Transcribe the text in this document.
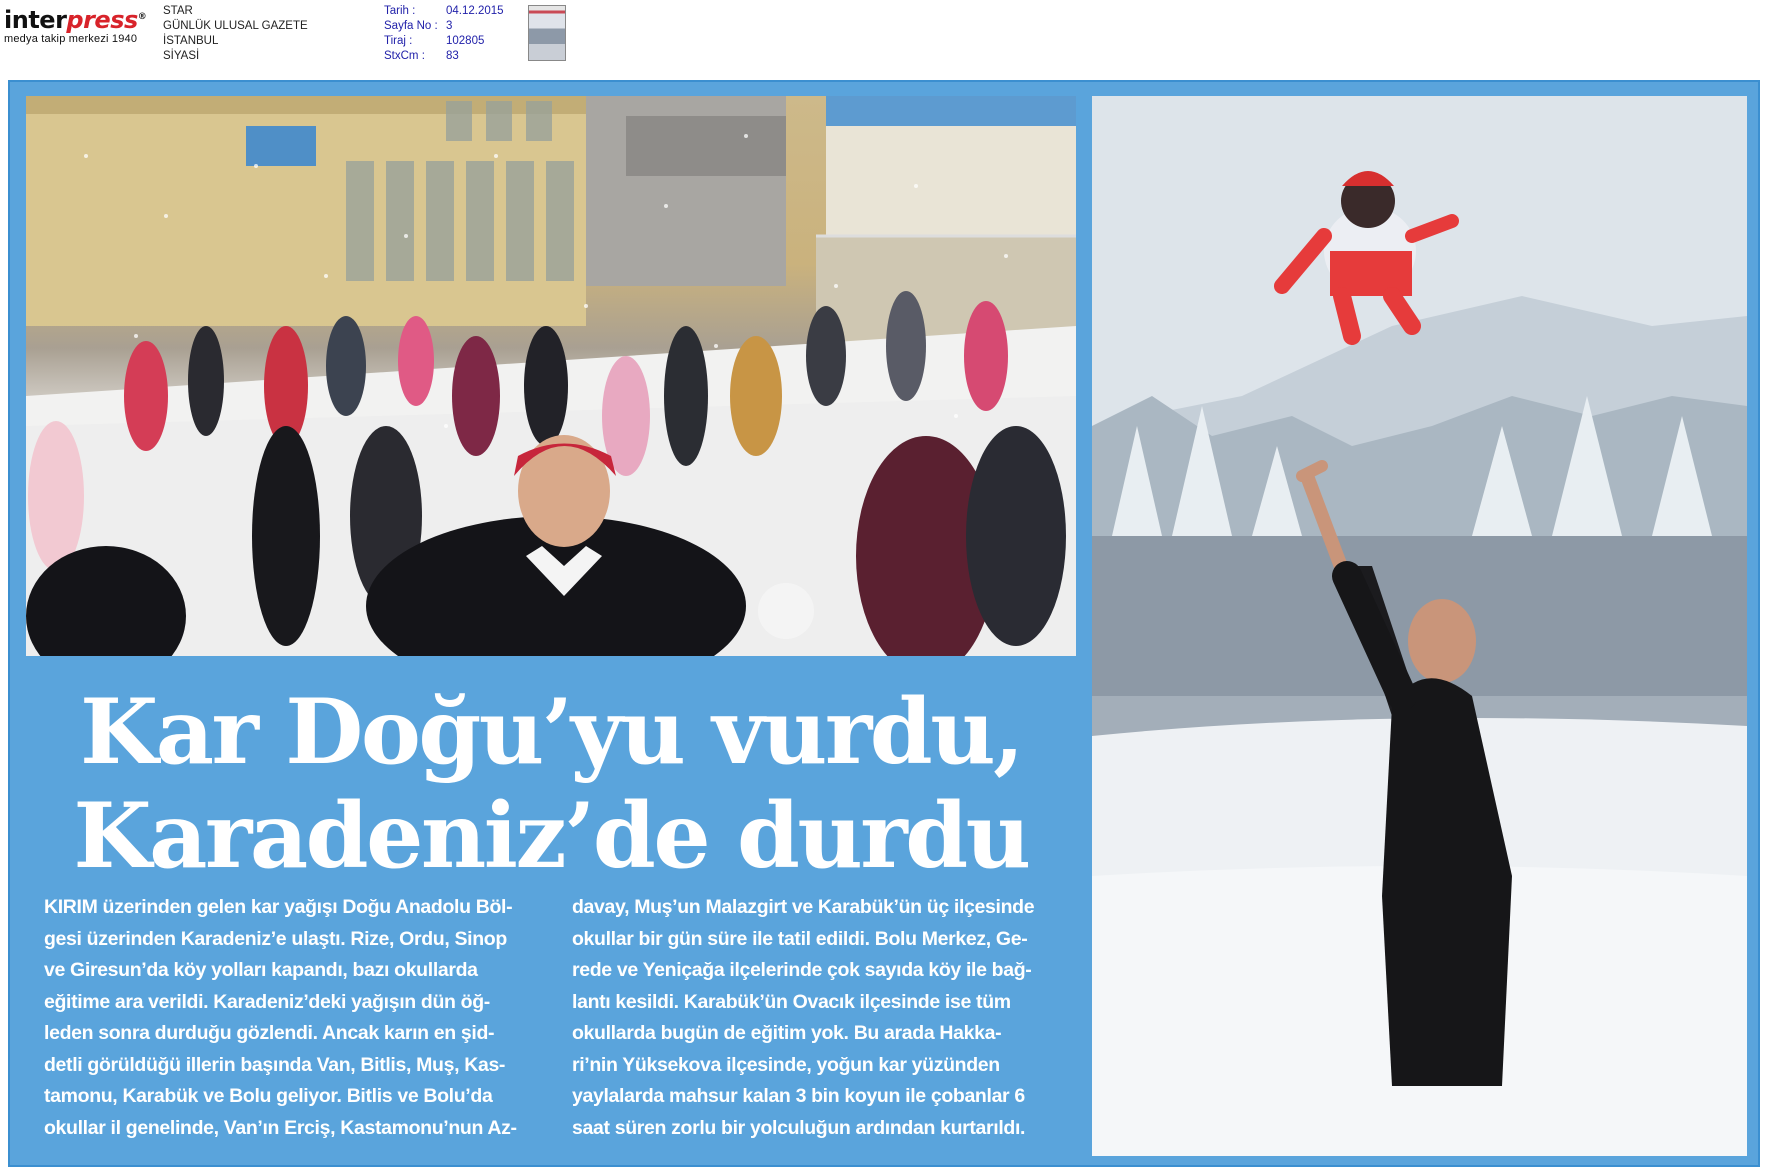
interpress®
medya takip merkezi 1940
STAR
GÜNLÜK ULUSAL GAZETE
İSTANBUL
SİYASİ
Tarih :	04.12.2015
Sayfa No : 3
Tiraj :	102805
StxCm :	83
Kar Doğu’yu vurdu,
Karadeniz’de durdu
KIRIM üzerinden gelen kar yağışı Doğu Anadolu Böl-
gesi üzerinden Karadeniz’e ulaştı. Rize, Ordu, Sinop
ve Giresun’da köy yolları kapandı, bazı okullarda
eğitime ara verildi. Karadeniz’deki yağışın dün öğ-
leden sonra durduğu gözlendi. Ancak karın en şid-
detli görüldüğü illerin başında Van, Bitlis, Muş, Kas-
tamonu, Karabük ve Bolu geliyor. Bitlis ve Bolu’da
okullar il genelinde, Van’ın Erciş, Kastamonu’nun Az-
davay, Muş’un Malazgirt ve Karabük’ün üç ilçesinde
okullar bir gün süre ile tatil edildi. Bolu Merkez, Ge-
rede ve Yeniçağa ilçelerinde çok sayıda köy ile bağ-
lantı kesildi. Karabük’ün Ovacık ilçesinde ise tüm
okullarda bugün de eğitim yok. Bu arada Hakka-
ri’nin Yüksekova ilçesinde, yoğun kar yüzünden
yaylalarda mahsur kalan 3 bin koyun ile çobanlar 6
saat süren zorlu bir yolculuğun ardından kurtarıldı.
